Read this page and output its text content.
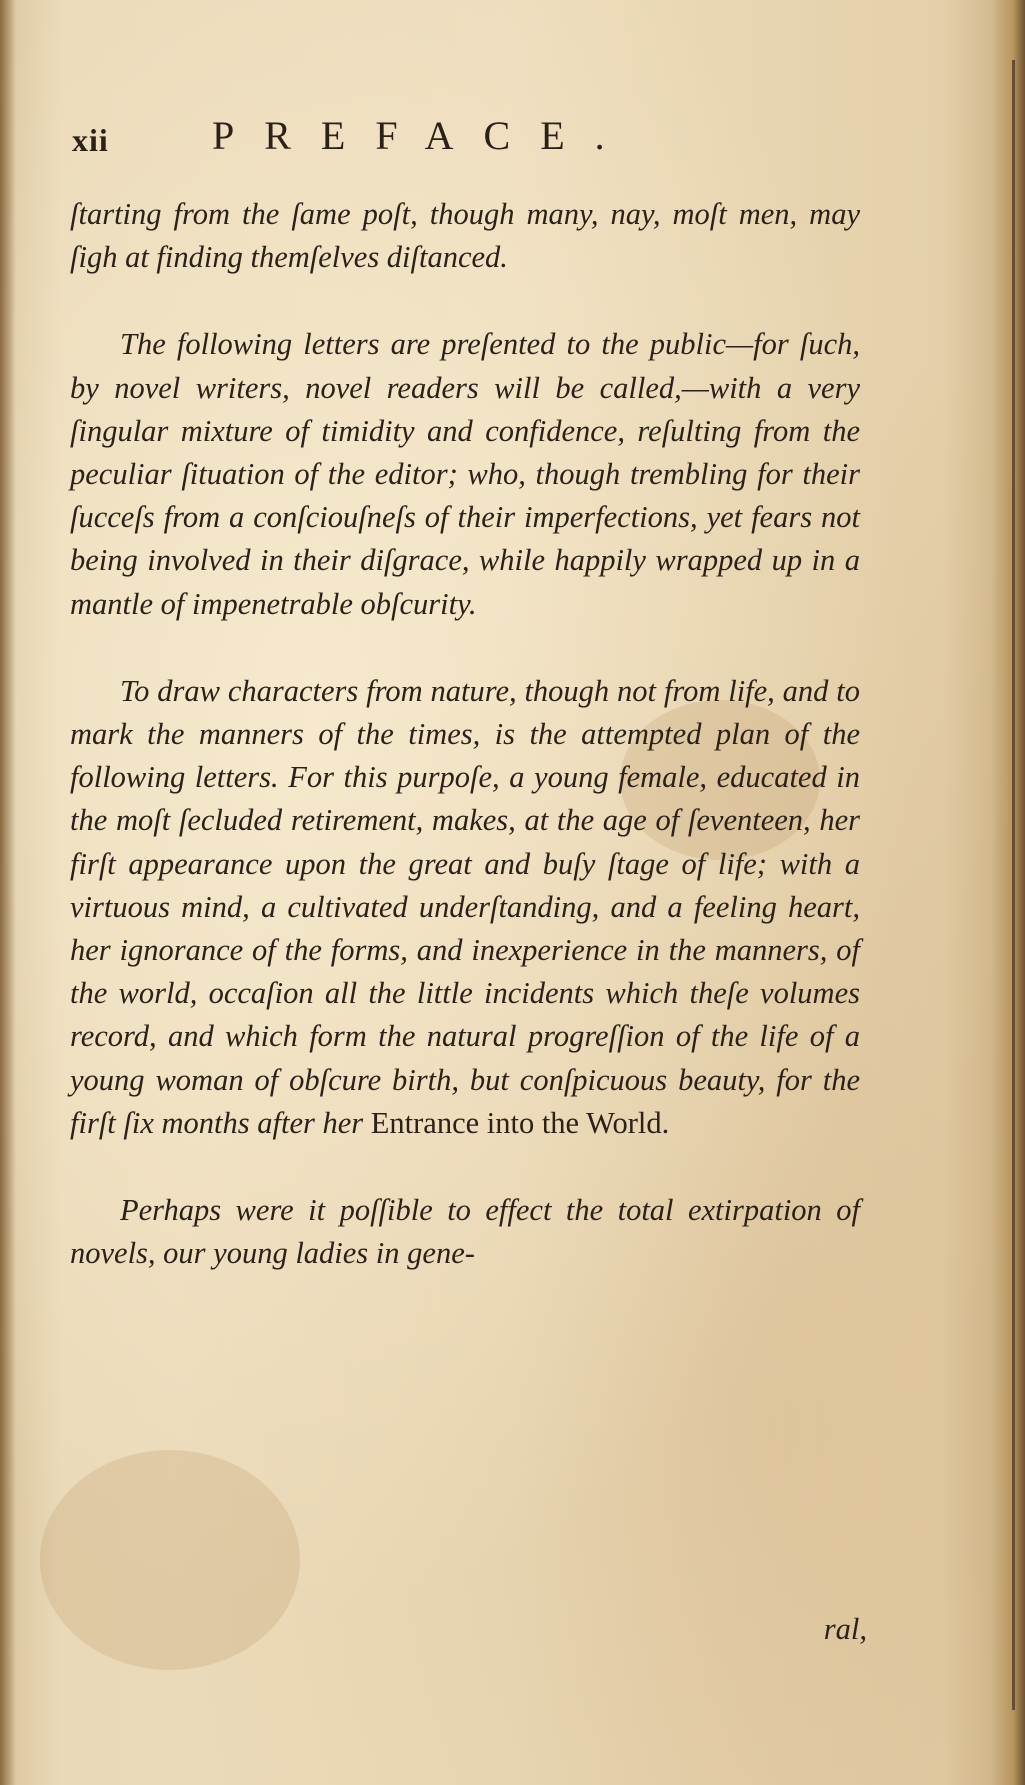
xii	PREFACE.

ſtarting from the ſame poſt, though many, nay, moſt men, may ſigh at finding themſelves diſtanced.

The following letters are preſented to the public—for ſuch, by novel writers, novel readers will be called,—with a very ſingular mixture of timidity and confidence, reſulting from the peculiar ſituation of the editor; who, though trembling for their ſucceſs from a conſciouſneſs of their imperfections, yet fears not being involved in their diſgrace, while happily wrapped up in a mantle of impenetrable obſcurity.

To draw characters from nature, though not from life, and to mark the manners of the times, is the attempted plan of the following letters. For this purpoſe, a young female, educated in the moſt ſecluded retirement, makes, at the age of ſeventeen, her firſt appearance upon the great and buſy ſtage of life; with a virtuous mind, a cultivated underſtanding, and a feeling heart, her ignorance of the forms, and inexperience in the manners, of the world, occaſion all the little incidents which theſe volumes record, and which form the natural progreſſion of the life of a young woman of obſcure birth, but conſpicuous beauty, for the firſt ſix months after her Entrance into the World.

Perhaps were it poſſible to effect the total extirpation of novels, our young ladies in gene-

ral,
